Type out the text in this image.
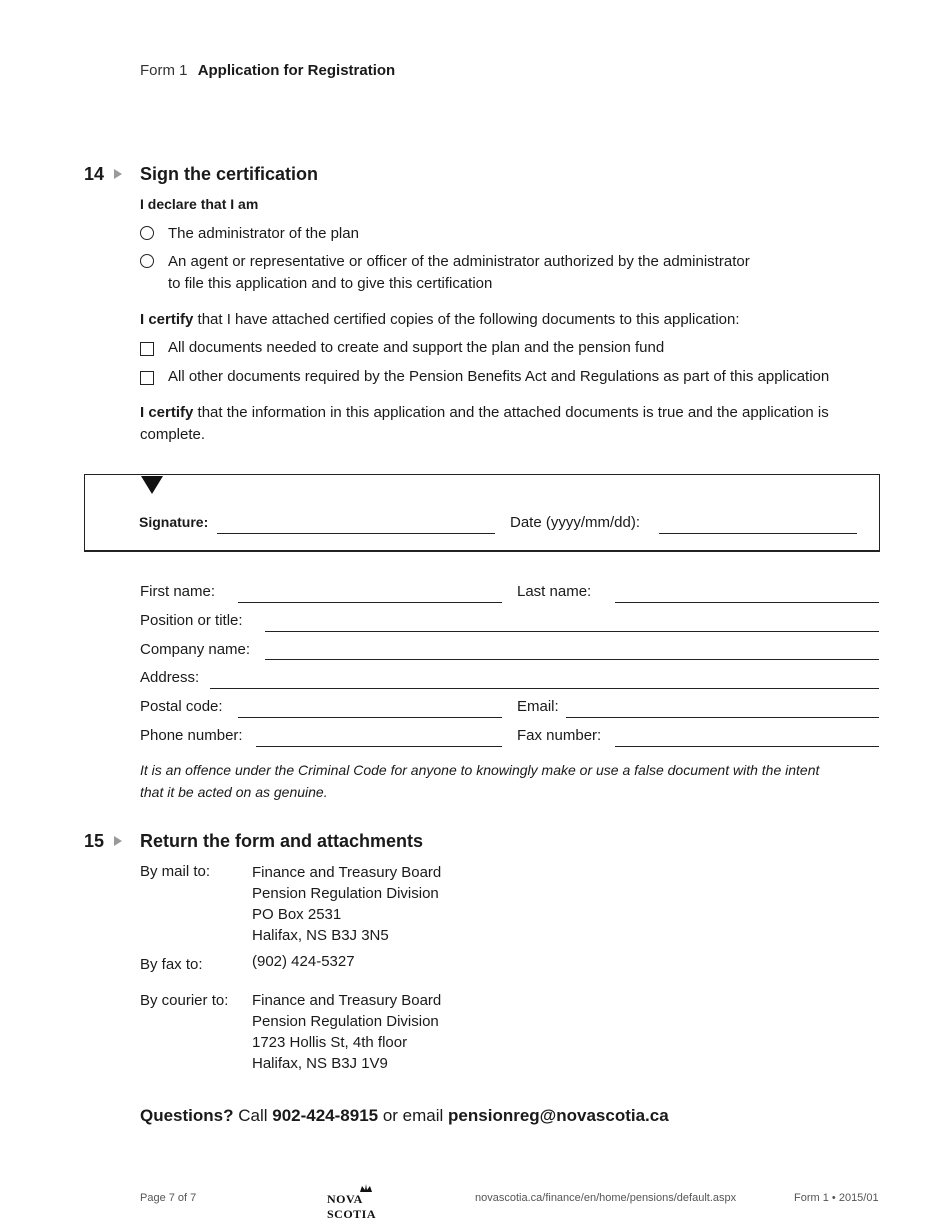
Form 1 Application for Registration
14 Sign the certification
I declare that I am
The administrator of the plan
An agent or representative or officer of the administrator authorized by the administrator
to file this application and to give this certification
I certify that I have attached certified copies of the following documents to this application:
All documents needed to create and support the plan and the pension fund
All other documents required by the Pension Benefits Act and Regulations as part of this application
I certify that the information in this application and the attached documents is true and the application is
complete.
Signature:	Date (yyyy/mm/dd):
First name:	Last name:
Position or title:
Company name:
Address:
Postal code:	Email:
Phone number:	Fax number:
It is an offence under the Criminal Code for anyone to knowingly make or use a false document with the intent
that it be acted on as genuine.
15 Return the form and attachments
By mail to:	Finance and Treasury Board
Pension Regulation Division
PO Box 2531
Halifax, NS B3J 3N5
By fax to:	(902) 424-5327
By courier to: Finance and Treasury Board
Pension Regulation Division
1723 Hollis St, 4th floor
Halifax, NS B3J 1V9
Questions? Call 902-424-8915 or email pensionreg@novascotia.ca
Page 7 of 7	NOVA SCOTIA
novascotia.ca/finance/en/home/pensions/default.aspx	Form 1 • 2015/01
